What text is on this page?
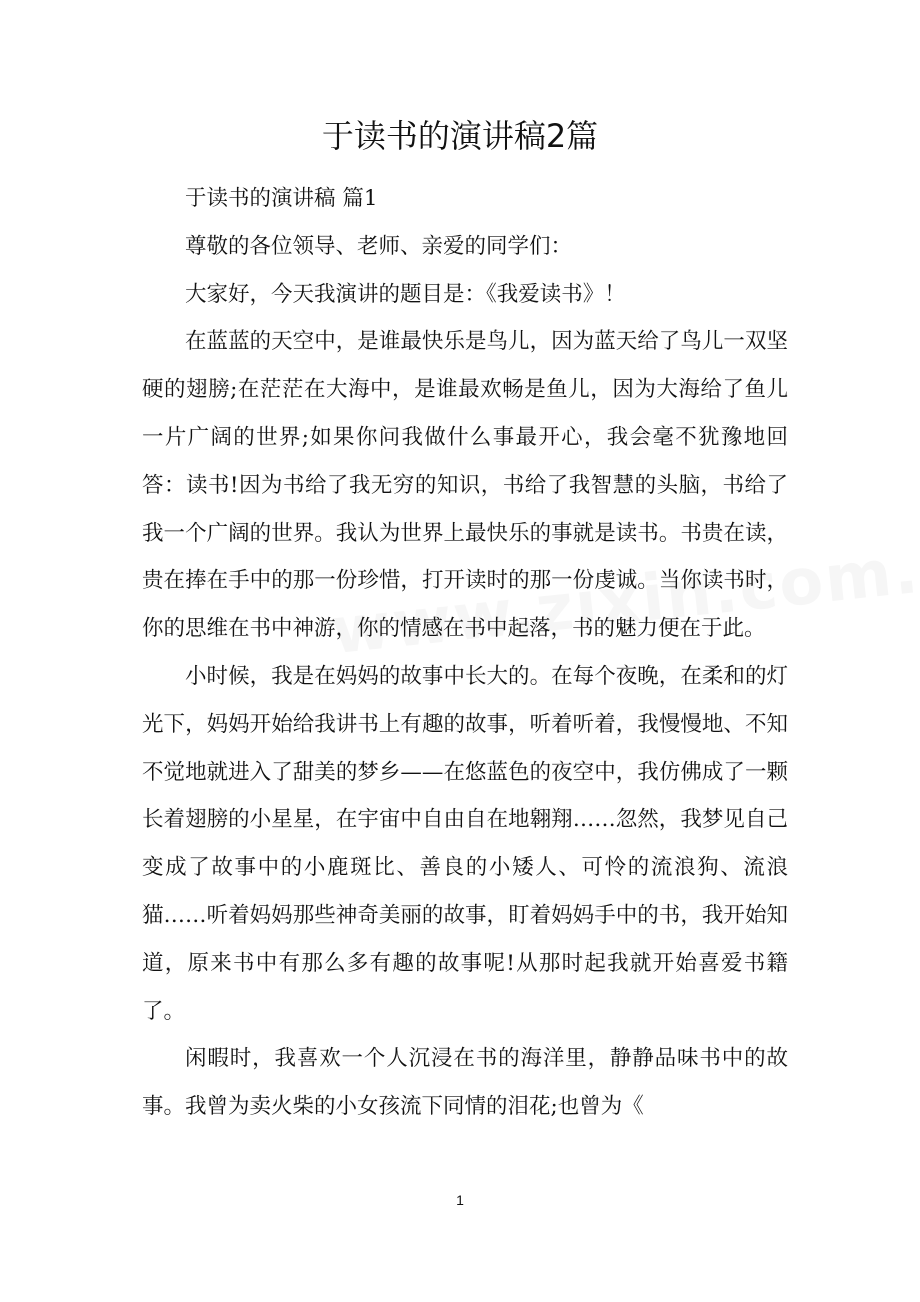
于读书的演讲稿2篇

于读书的演讲稿 篇1

尊敬的各位领导、老师、亲爱的同学们：

大家好，今天我演讲的题目是：《我爱读书》！

在蓝蓝的天空中，是谁最快乐是鸟儿，因为蓝天给了鸟儿一双坚硬的翅膀;在茫茫在大海中，是谁最欢畅是鱼儿，因为大海给了鱼儿一片广阔的世界;如果你问我做什么事最开心，我会毫不犹豫地回答：读书!因为书给了我无穷的知识，书给了我智慧的头脑，书给了我一个广阔的世界。我认为世界上最快乐的事就是读书。书贵在读，贵在捧在手中的那一份珍惜，打开读时的那一份虔诚。当你读书时，你的思维在书中神游，你的情感在书中起落，书的魅力便在于此。

小时候，我是在妈妈的故事中长大的。在每个夜晚，在柔和的灯光下，妈妈开始给我讲书上有趣的故事，听着听着，我慢慢地、不知不觉地就进入了甜美的梦乡——在悠蓝色的夜空中，我仿佛成了一颗长着翅膀的小星星，在宇宙中自由自在地翱翔……忽然，我梦见自己变成了故事中的小鹿斑比、善良的小矮人、可怜的流浪狗、流浪猫……听着妈妈那些神奇美丽的故事，盯着妈妈手中的书，我开始知道，原来书中有那么多有趣的故事呢!从那时起我就开始喜爱书籍了。

闲暇时，我喜欢一个人沉浸在书的海洋里，静静品味书中的故事。我曾为卖火柴的小女孩流下同情的泪花;也曾为《

1
